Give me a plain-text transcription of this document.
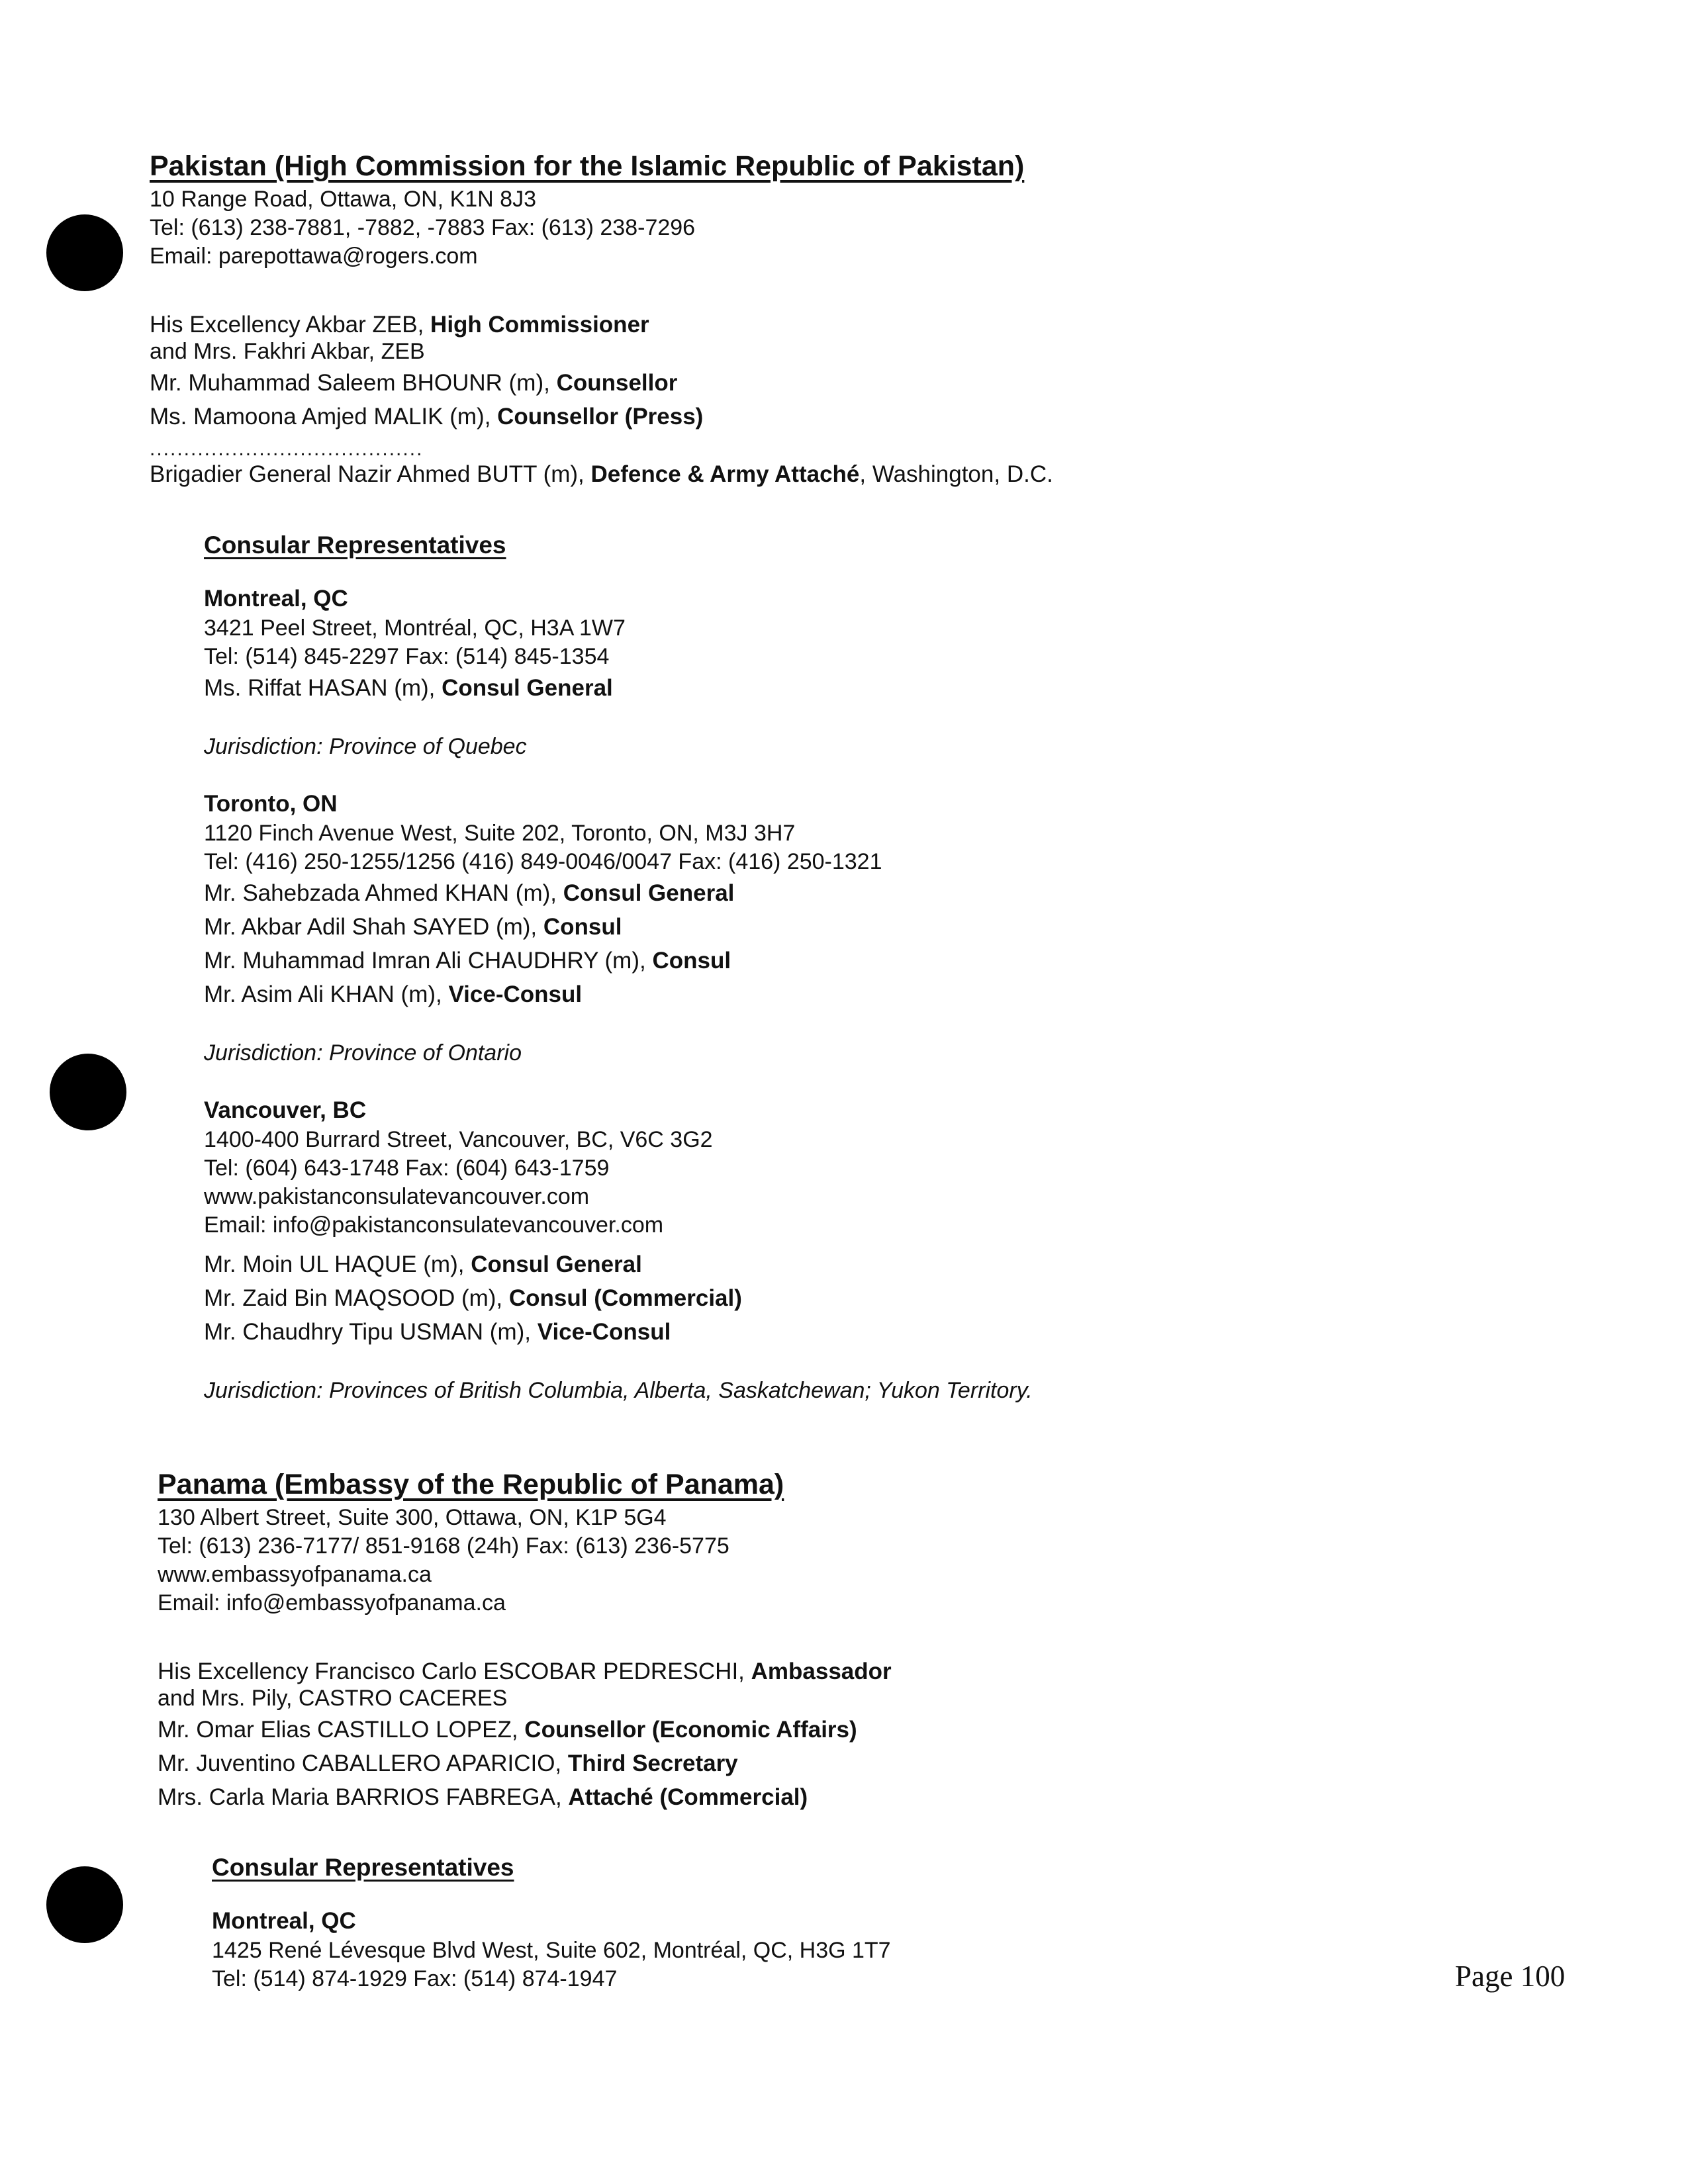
Pakistan (High Commission for the Islamic Republic of Pakistan)
10 Range Road, Ottawa, ON, K1N 8J3
Tel: (613) 238-7881, -7882, -7883 Fax: (613) 238-7296
Email: parepottawa@rogers.com
His Excellency Akbar ZEB, High Commissioner
and Mrs. Fakhri Akbar, ZEB
Mr. Muhammad Saleem BHOUNR (m), Counsellor
Ms. Mamoona Amjed MALIK (m), Counsellor (Press)
........................................
Brigadier General Nazir Ahmed BUTT (m), Defence & Army Attaché, Washington, D.C.
Consular Representatives
Montreal, QC
3421 Peel Street, Montréal, QC, H3A 1W7
Tel: (514) 845-2297 Fax: (514) 845-1354
Ms. Riffat HASAN (m), Consul General
Jurisdiction: Province of Quebec
Toronto, ON
1120 Finch Avenue West, Suite 202, Toronto, ON, M3J 3H7
Tel: (416) 250-1255/1256 (416) 849-0046/0047 Fax: (416) 250-1321
Mr. Sahebzada Ahmed KHAN (m), Consul General
Mr. Akbar Adil Shah SAYED (m), Consul
Mr. Muhammad Imran Ali CHAUDHRY (m), Consul
Mr. Asim Ali KHAN (m), Vice-Consul
Jurisdiction: Province of Ontario
Vancouver, BC
1400-400 Burrard Street, Vancouver, BC, V6C 3G2
Tel: (604) 643-1748 Fax: (604) 643-1759
www.pakistanconsulatevancouver.com
Email: info@pakistanconsulatevancouver.com
Mr. Moin UL HAQUE (m), Consul General
Mr. Zaid Bin MAQSOOD (m), Consul (Commercial)
Mr. Chaudhry Tipu USMAN (m), Vice-Consul
Jurisdiction: Provinces of British Columbia, Alberta, Saskatchewan; Yukon Territory.
Panama (Embassy of the Republic of Panama)
130 Albert Street, Suite 300, Ottawa, ON, K1P 5G4
Tel: (613) 236-7177/ 851-9168 (24h) Fax: (613) 236-5775
www.embassyofpanama.ca
Email: info@embassyofpanama.ca
His Excellency Francisco Carlo ESCOBAR PEDRESCHI, Ambassador
and Mrs. Pily, CASTRO CACERES
Mr. Omar Elias CASTILLO LOPEZ, Counsellor (Economic Affairs)
Mr. Juventino CABALLERO APARICIO, Third Secretary
Mrs. Carla Maria BARRIOS FABREGA, Attaché (Commercial)
Consular Representatives
Montreal, QC
1425 René Lévesque Blvd West, Suite 602, Montréal, QC, H3G 1T7
Tel: (514) 874-1929 Fax: (514) 874-1947	Page 100
